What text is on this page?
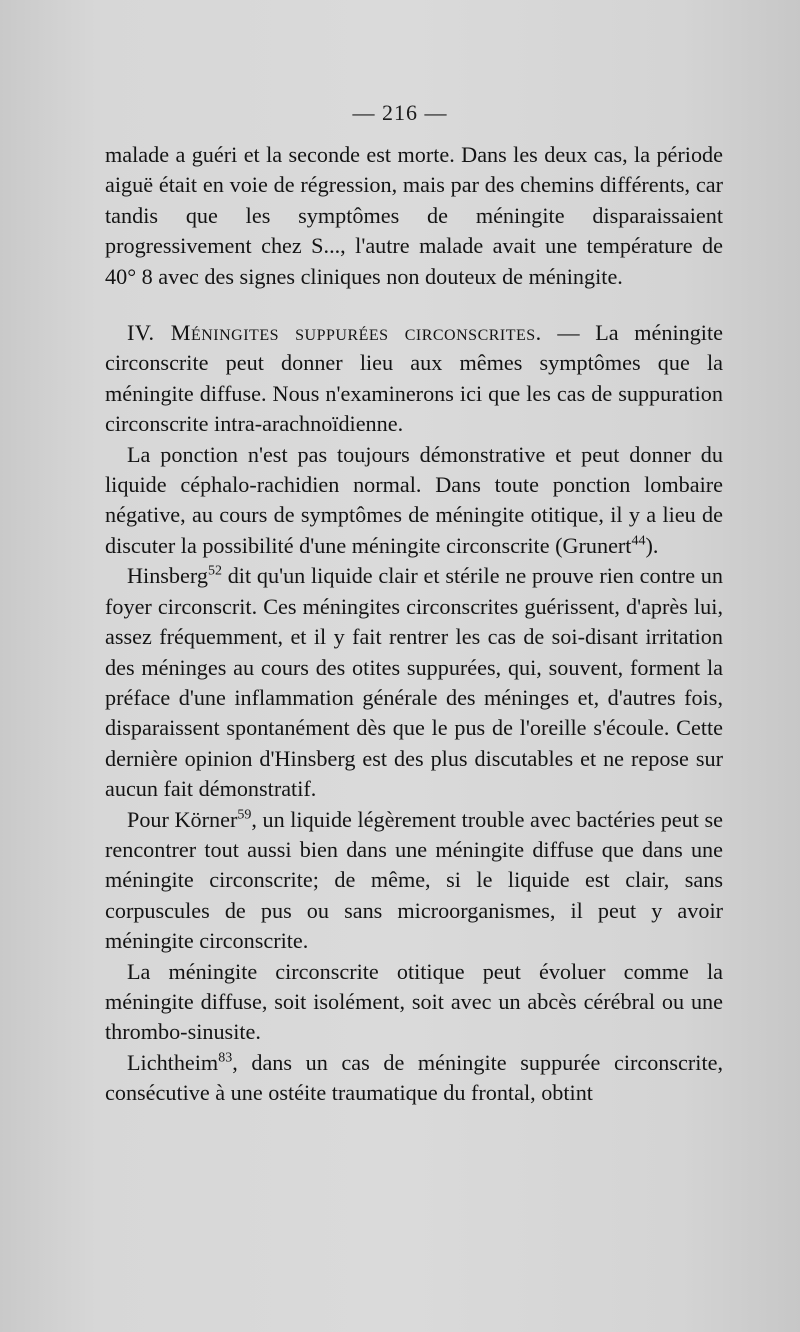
— 216 —

malade a guéri et la seconde est morte. Dans les deux cas, la période aiguë était en voie de régression, mais par des chemins différents, car tandis que les symptômes de méningite disparaissaient progressivement chez S..., l'autre malade avait une température de 40° 8 avec des signes cliniques non douteux de méningite.

IV. Méningites suppurées circonscrites. — La méningite circonscrite peut donner lieu aux mêmes symptômes que la méningite diffuse. Nous n'examinerons ici que les cas de suppuration circonscrite intra-arachnoïdienne.

La ponction n'est pas toujours démonstrative et peut donner du liquide céphalo-rachidien normal. Dans toute ponction lombaire négative, au cours de symptômes de méningite otitique, il y a lieu de discuter la possibilité d'une méningite circonscrite (Grunert$^{44}$).

Hinsberg$^{52}$ dit qu'un liquide clair et stérile ne prouve rien contre un foyer circonscrit. Ces méningites circonscrites guérissent, d'après lui, assez fréquemment, et il y fait rentrer les cas de soi-disant irritation des méninges au cours des otites suppurées, qui, souvent, forment la préface d'une inflammation générale des méninges et, d'autres fois, disparaissent spontanément dès que le pus de l'oreille s'écoule. Cette dernière opinion d'Hinsberg est des plus discutables et ne repose sur aucun fait démonstratif.

Pour Körner$^{59}$, un liquide légèrement trouble avec bactéries peut se rencontrer tout aussi bien dans une méningite diffuse que dans une méningite circonscrite; de même, si le liquide est clair, sans corpuscules de pus ou sans microorganismes, il peut y avoir méningite circonscrite.

La méningite circonscrite otitique peut évoluer comme la méningite diffuse, soit isolément, soit avec un abcès cérébral ou une thrombo-sinusite.

Lichtheim$^{83}$, dans un cas de méningite suppurée circonscrite, consécutive à une ostéite traumatique du frontal, obtint
